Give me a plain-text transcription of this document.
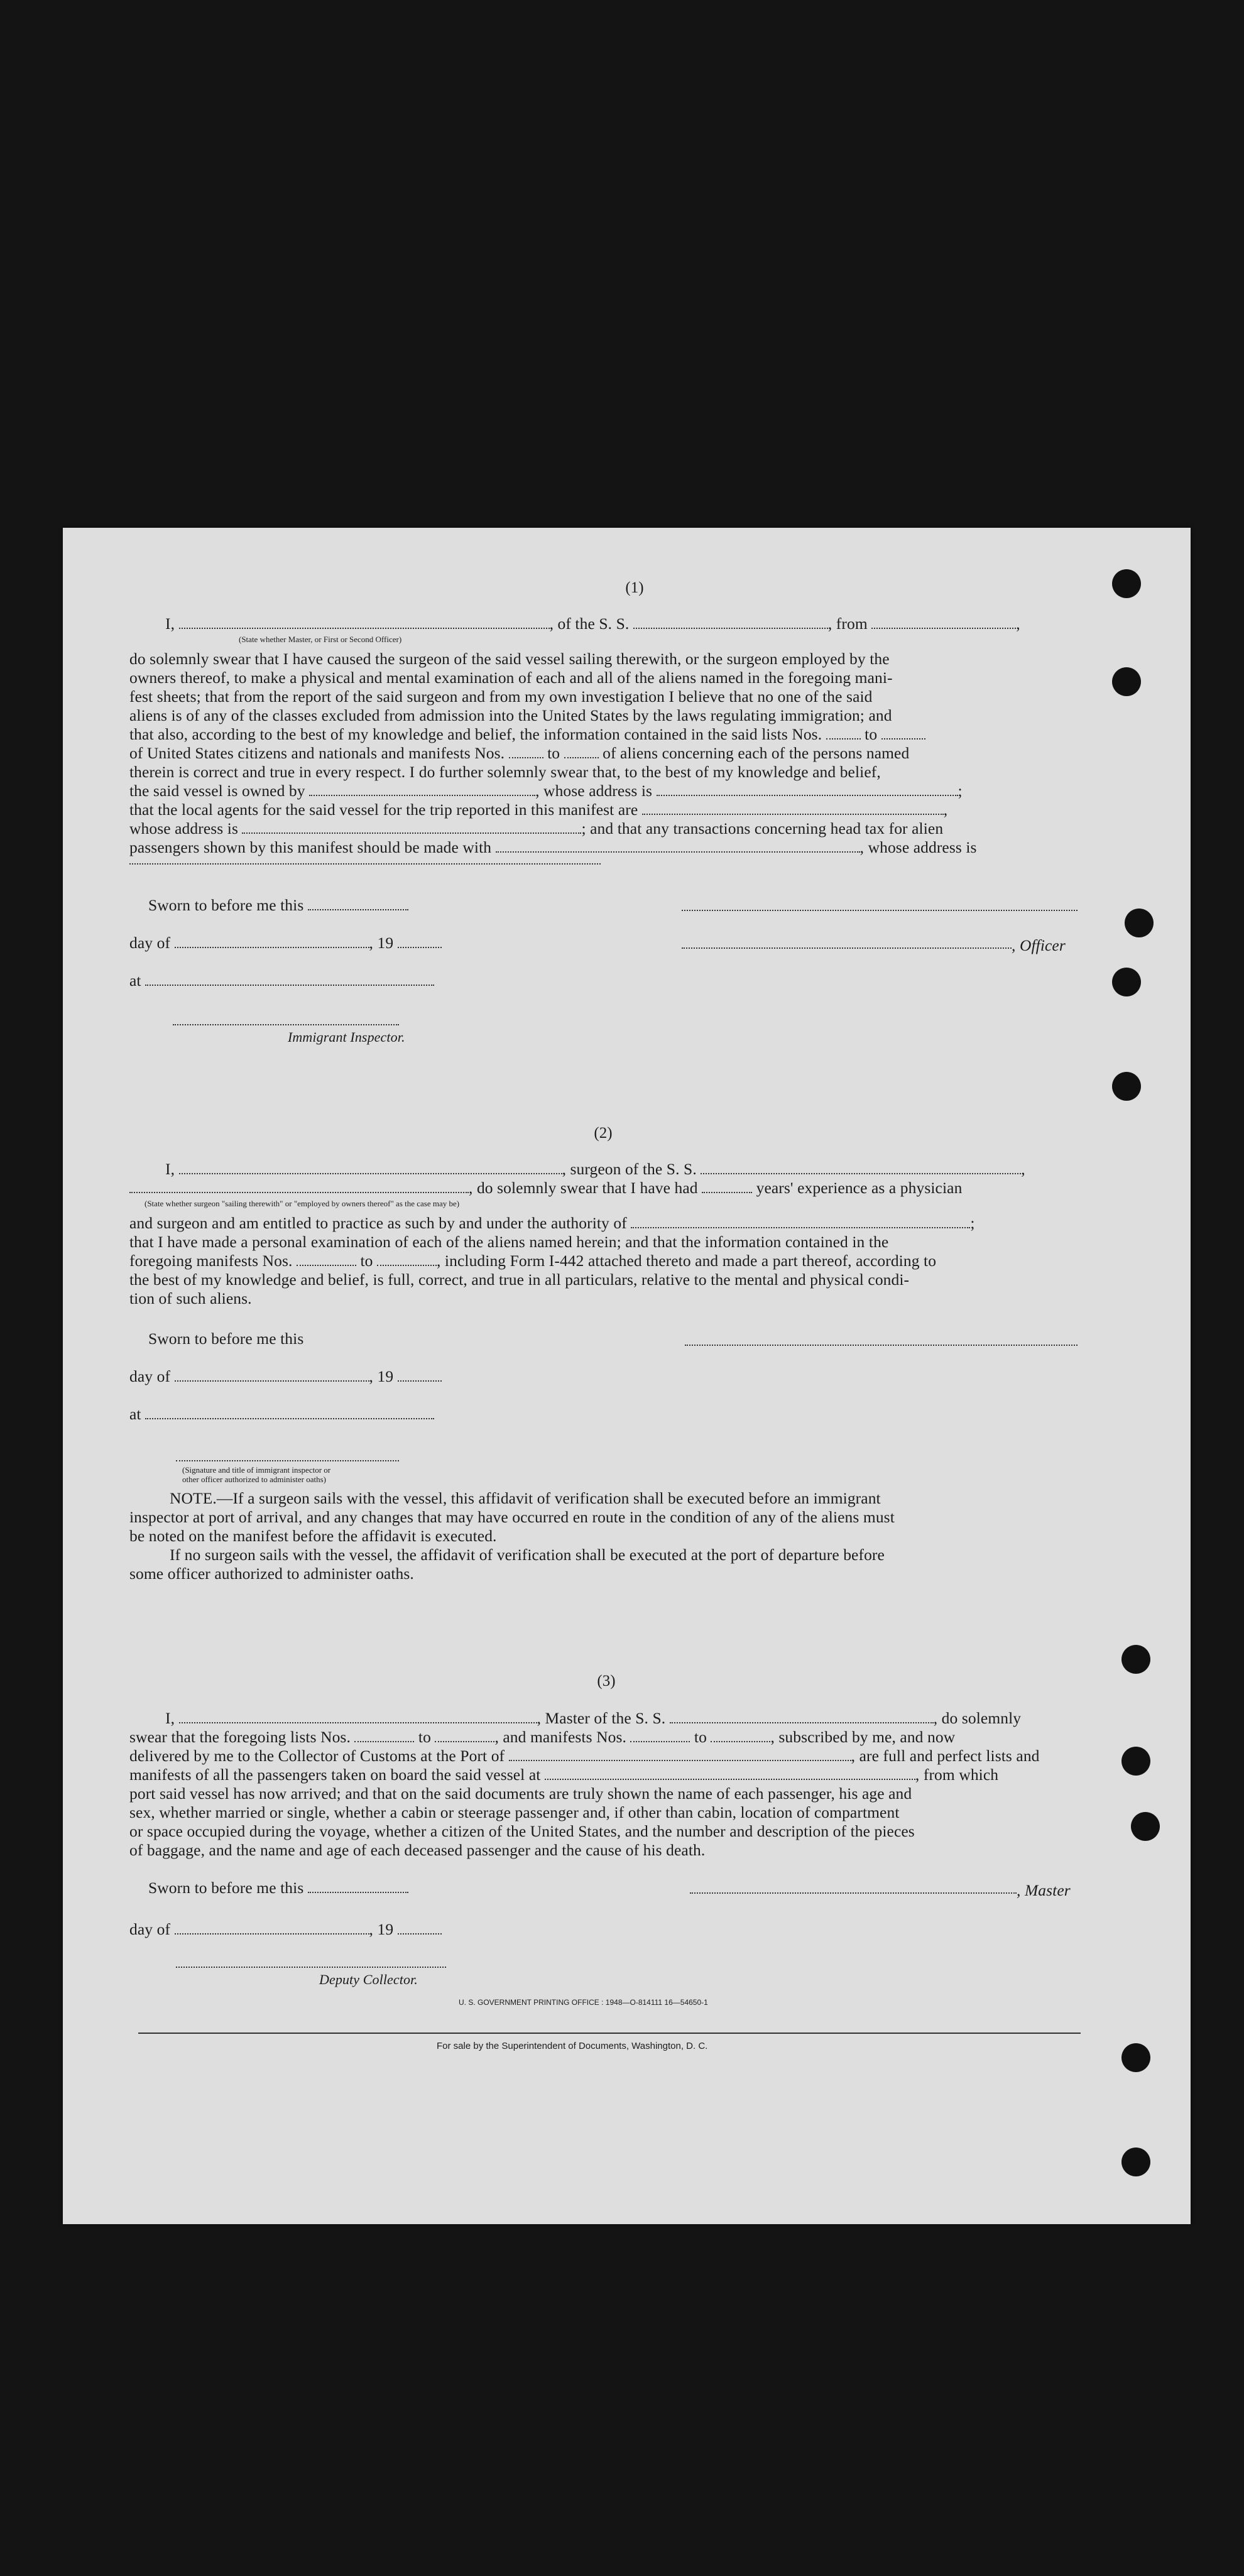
(1)
I,	, of the S. S.	, from	,
(State whether Master, or First or Second Officer)
do solemnly swear that I have caused the surgeon of the said vessel sailing therewith, or the surgeon employed by the
owners thereof, to make a physical and mental examination of each and all of the aliens named in the foregoing mani-
fest sheets; that from the report of the said surgeon and from my own investigation I believe that no one of the said
aliens is of any of the classes excluded from admission into the United States by the laws regulating immigration; and
that also, according to the best of my knowledge and belief, the information contained in the said lists Nos.	to
of United States citizens and nationals and manifests Nos.	to	of aliens concerning each of the persons named
therein is correct and true in every respect. I do further solemnly swear that, to the best of my knowledge and belief,
the said vessel is owned by	, whose address is	;
that the local agents for the said vessel for the trip reported in this manifest are	,
whose address is	; and that any transactions concerning head tax for alien
passengers shown by this manifest should be made with	, whose address is
Sworn to before me this
day of	, 19	, Officer
at
Immigrant Inspector.
(2)
I,	, surgeon of the S. S.	,
, do solemnly swear that I have had	years' experience as a physician
(State whether surgeon "sailing therewith" or "employed by owners thereof" as the case may be)
and surgeon and am entitled to practice as such by and under the authority of	;
that I have made a personal examination of each of the aliens named herein; and that the information contained in the
foregoing manifests Nos.	to	, including Form I-442 attached thereto and made a part thereof, according to
the best of my knowledge and belief, is full, correct, and true in all particulars, relative to the mental and physical condi-
tion of such aliens.
Sworn to before me this
day of	, 19
at
(Signature and title of immigrant inspector or
other officer authorized to administer oaths)
NOTE.—If a surgeon sails with the vessel, this affidavit of verification shall be executed before an immigrant
inspector at port of arrival, and any changes that may have occurred en route in the condition of any of the aliens must
be noted on the manifest before the affidavit is executed.
If no surgeon sails with the vessel, the affidavit of verification shall be executed at the port of departure before
some officer authorized to administer oaths.
(3)
I,	, Master of the S. S.	, do solemnly
swear that the foregoing lists Nos.	to	, and manifests Nos.	to	, subscribed by me, and now
delivered by me to the Collector of Customs at the Port of	, are full and perfect lists and
manifests of all the passengers taken on board the said vessel at	, from which
port said vessel has now arrived; and that on the said documents are truly shown the name of each passenger, his age and
sex, whether married or single, whether a cabin or steerage passenger and, if other than cabin, location of compartment
or space occupied during the voyage, whether a citizen of the United States, and the number and description of the pieces
of baggage, and the name and age of each deceased passenger and the cause of his death.
Sworn to before me this	, Master
day of	, 19
Deputy Collector.
U. S. GOVERNMENT PRINTING OFFICE : 1948—O-814111 16—54650-1
For sale by the Superintendent of Documents, Washington, D. C.
